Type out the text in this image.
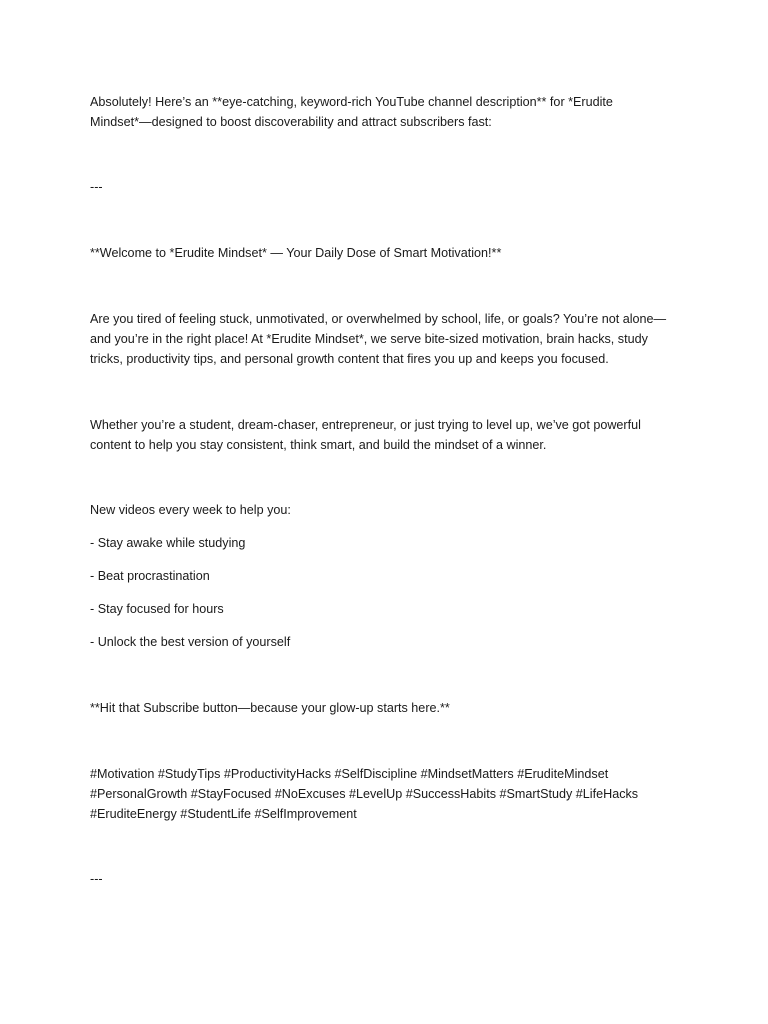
Absolutely! Here’s an **eye-catching, keyword-rich YouTube channel description** for *Erudite
Mindset*—designed to boost discoverability and attract subscribers fast:

---

**Welcome to *Erudite Mindset* — Your Daily Dose of Smart Motivation!**

Are you tired of feeling stuck, unmotivated, or overwhelmed by school, life, or goals? You’re not alone—
and you’re in the right place! At *Erudite Mindset*, we serve bite-sized motivation, brain hacks, study
tricks, productivity tips, and personal growth content that fires you up and keeps you focused.

Whether you’re a student, dream-chaser, entrepreneur, or just trying to level up, we’ve got powerful
content to help you stay consistent, think smart, and build the mindset of a winner.

New videos every week to help you:

- Stay awake while studying

- Beat procrastination

- Stay focused for hours

- Unlock the best version of yourself

**Hit that Subscribe button—because your glow-up starts here.**

#Motivation #StudyTips #ProductivityHacks #SelfDiscipline #MindsetMatters #EruditeMindset
#PersonalGrowth #StayFocused #NoExcuses #LevelUp #SuccessHabits #SmartStudy #LifeHacks
#EruditeEnergy #StudentLife #SelfImprovement

---
